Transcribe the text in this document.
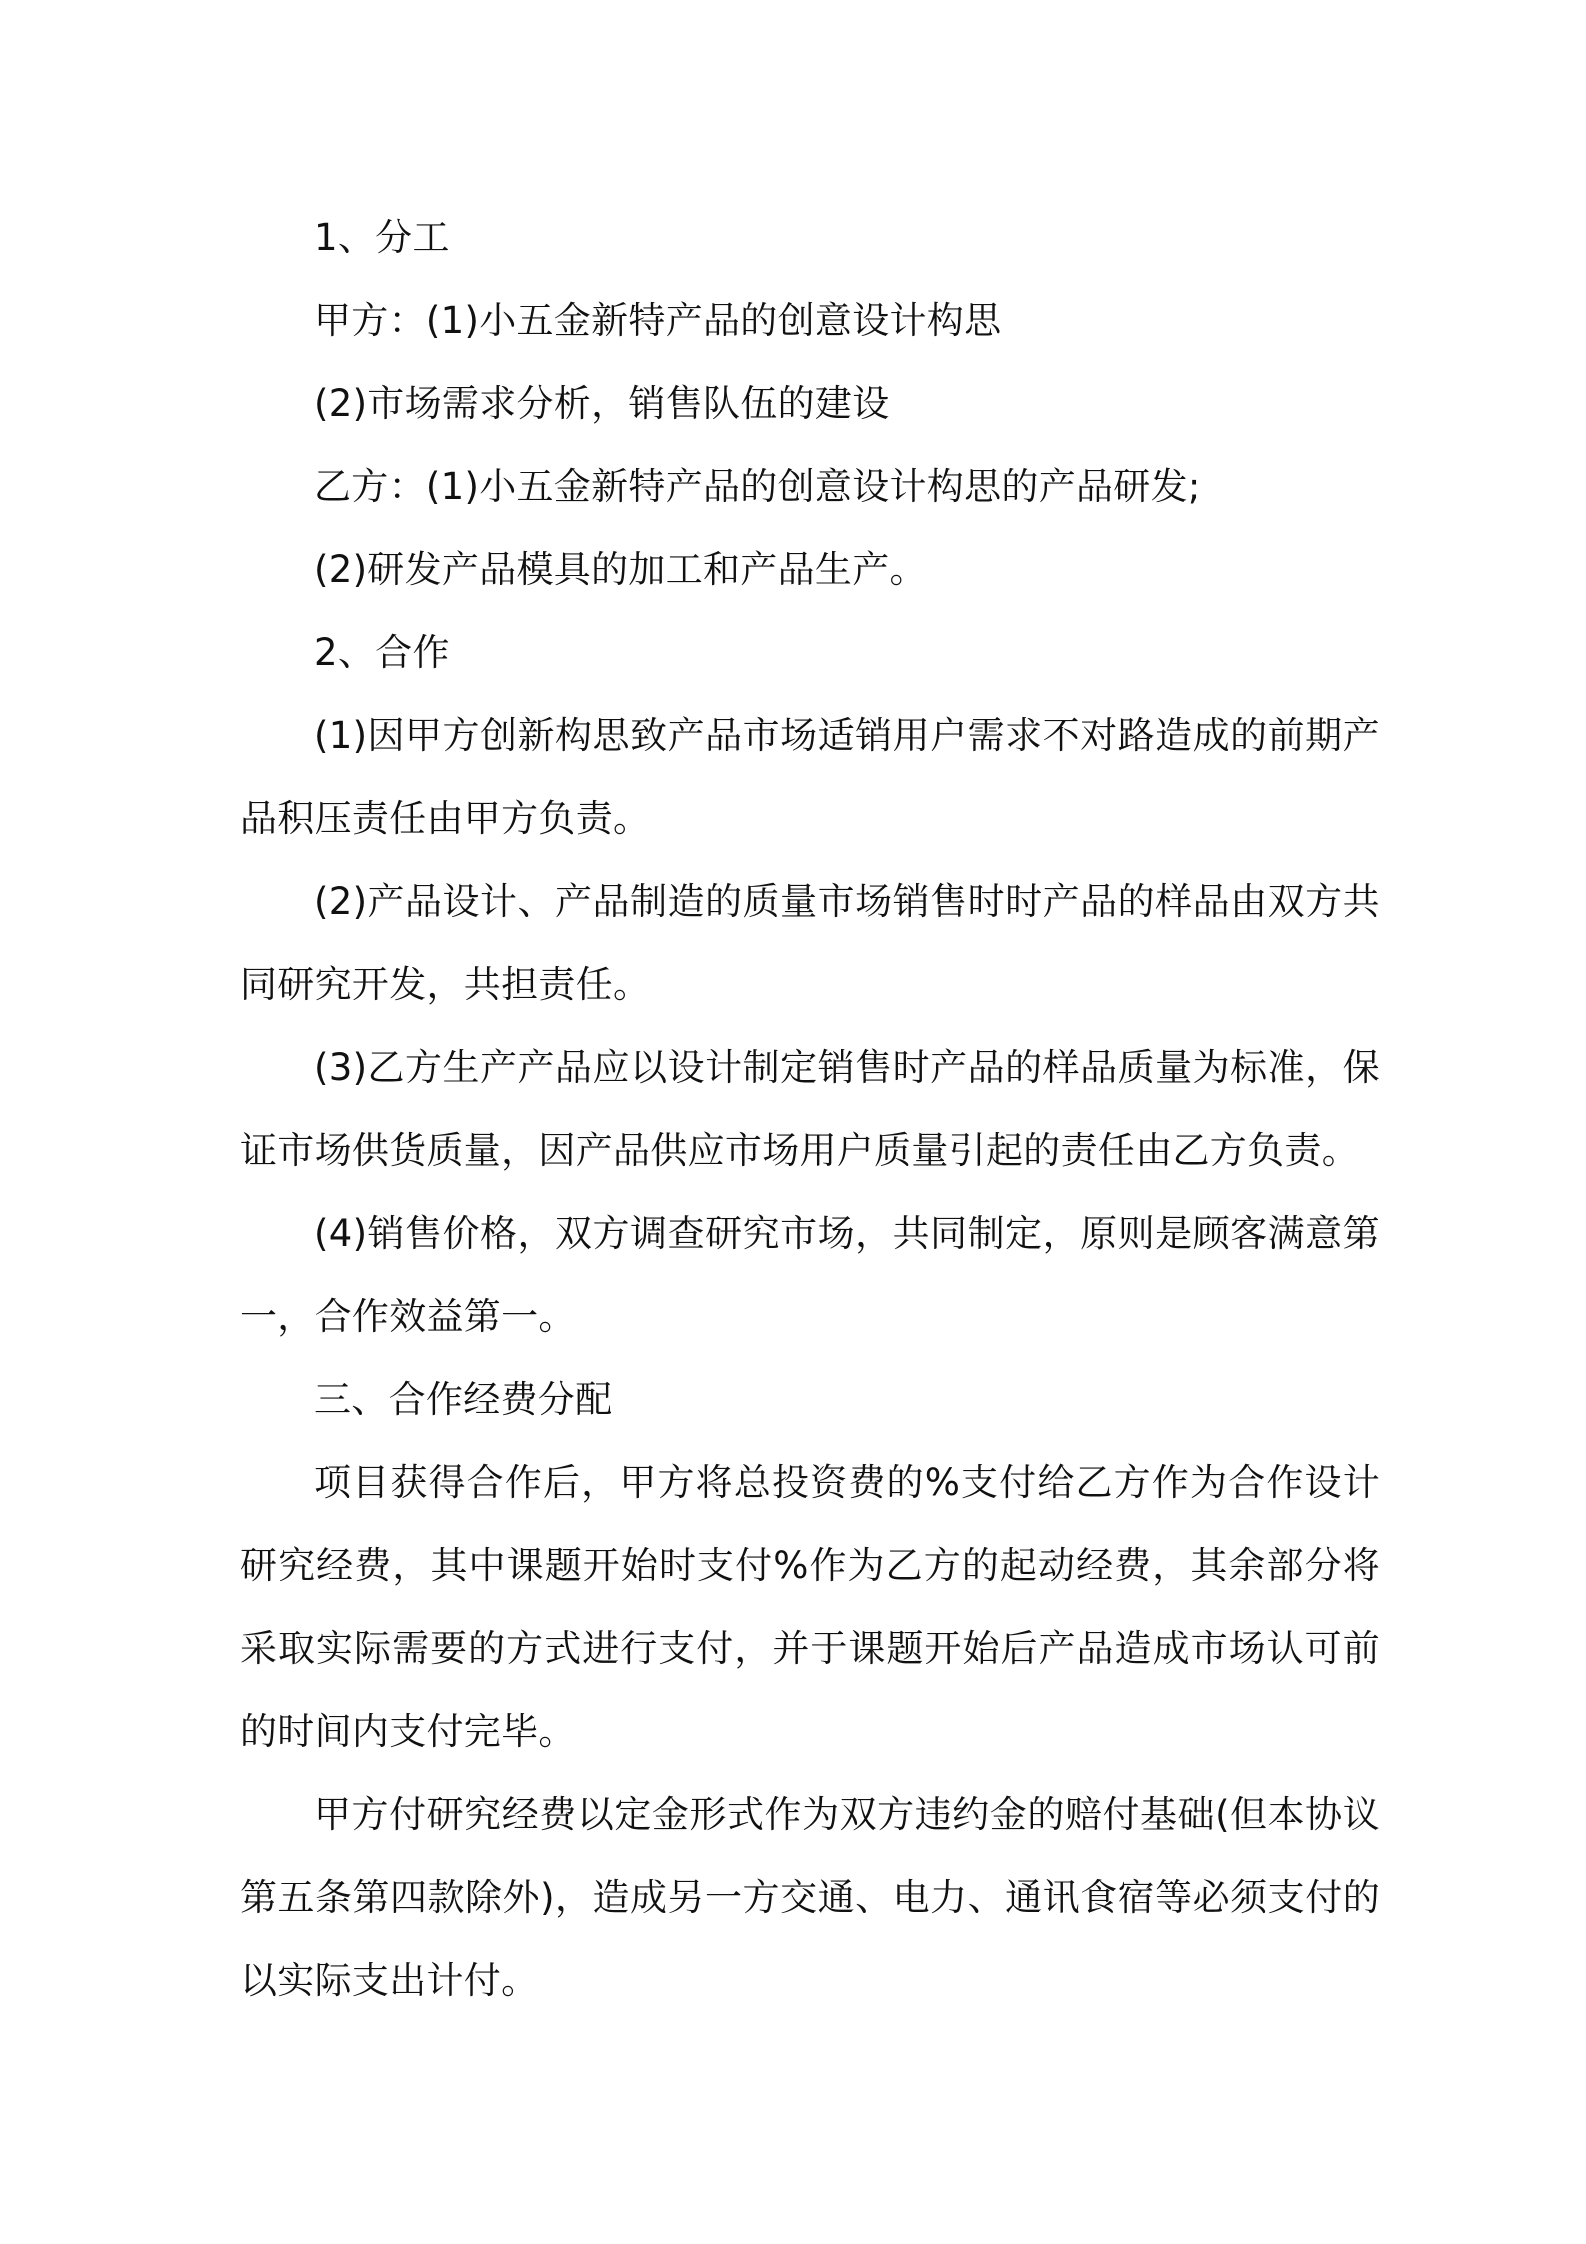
1、分工

甲方：(1)小五金新特产品的创意设计构思

(2)市场需求分析，销售队伍的建设

乙方：(1)小五金新特产品的创意设计构思的产品研发;

(2)研发产品模具的加工和产品生产。

2、合作

(1)因甲方创新构思致产品市场适销用户需求不对路造成的前期产品积压责任由甲方负责。

(2)产品设计、产品制造的质量市场销售时时产品的样品由双方共同研究开发，共担责任。

(3)乙方生产产品应以设计制定销售时产品的样品质量为标准，保证市场供货质量，因产品供应市场用户质量引起的责任由乙方负责。

(4)销售价格，双方调查研究市场，共同制定，原则是顾客满意第一，合作效益第一。

三、合作经费分配

项目获得合作后，甲方将总投资费的%支付给乙方作为合作设计研究经费，其中课题开始时支付%作为乙方的起动经费，其余部分将采取实际需要的方式进行支付，并于课题开始后产品造成市场认可前的时间内支付完毕。

甲方付研究经费以定金形式作为双方违约金的赔付基础(但本协议第五条第四款除外)，造成另一方交通、电力、通讯食宿等必须支付的以实际支出计付。
